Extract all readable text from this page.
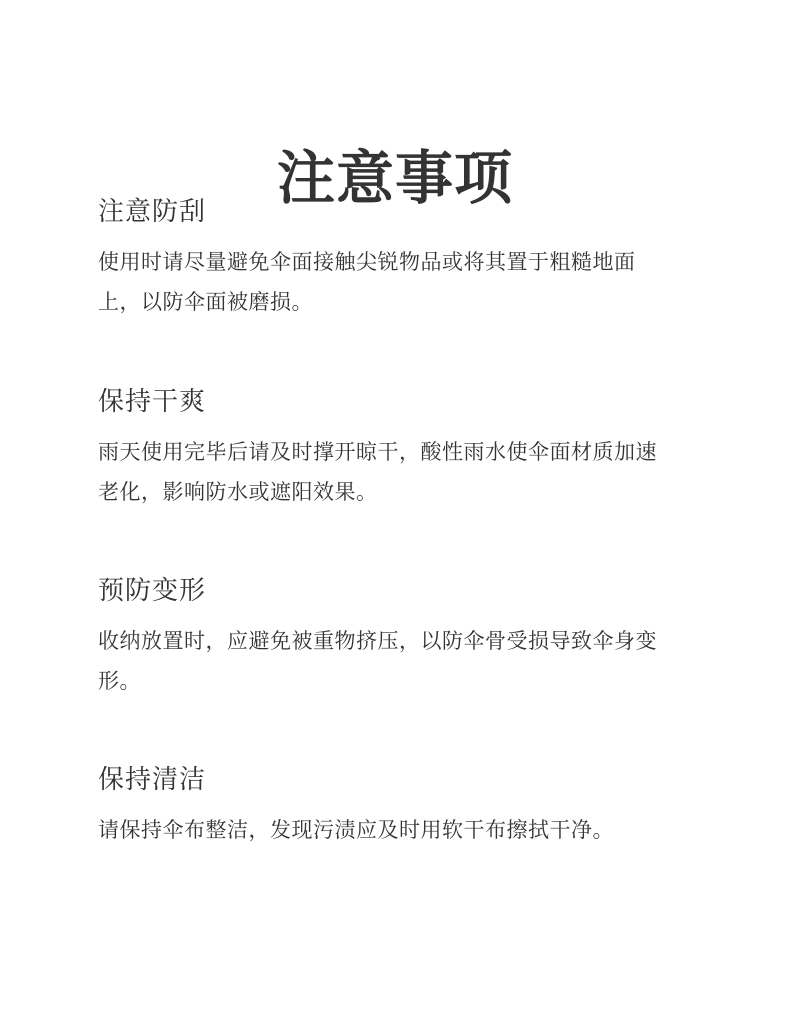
注意事项
注意防刮

使用时请尽量避免伞面接触尖锐物品或将其置于粗糙地面上，以防伞面被磨损。

保持干爽

雨天使用完毕后请及时撑开晾干，酸性雨水使伞面材质加速老化，影响防水或遮阳效果。

预防变形

收纳放置时，应避免被重物挤压，以防伞骨受损导致伞身变形。

保持清洁

请保持伞布整洁，发现污渍应及时用软干布擦拭干净。
